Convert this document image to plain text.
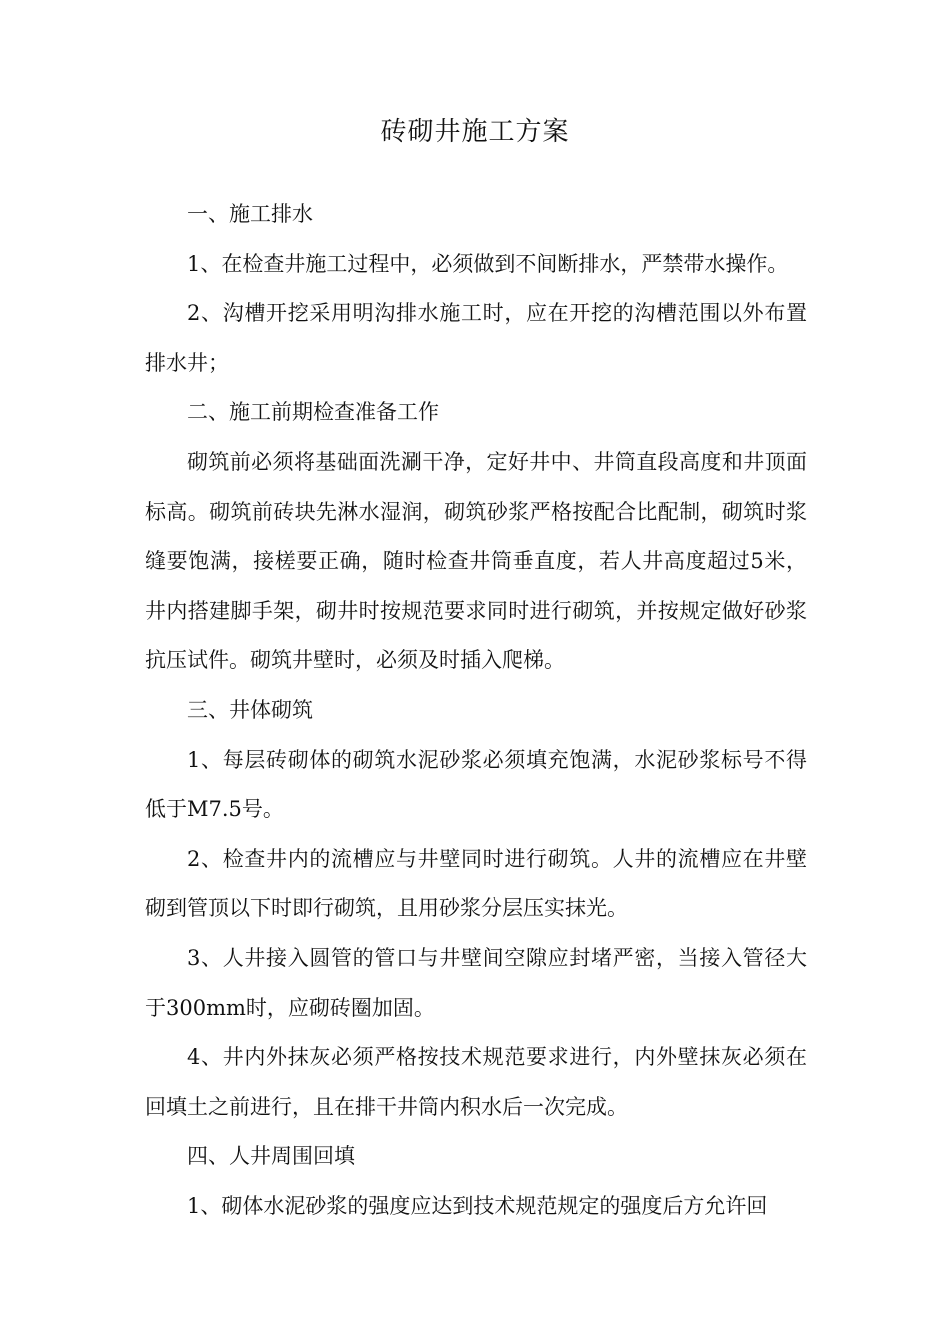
砖砌井施工方案

一、施工排水

1、在检查井施工过程中，必须做到不间断排水，严禁带水操作。

2、沟槽开挖采用明沟排水施工时，应在开挖的沟槽范围以外布置排水井；

二、施工前期检查准备工作

砌筑前必须将基础面洗涮干净，定好井中、井筒直段高度和井顶面标高。砌筑前砖块先淋水湿润，砌筑砂浆严格按配合比配制，砌筑时浆缝要饱满，接槎要正确，随时检查井筒垂直度，若人井高度超过5米，井内搭建脚手架，砌井时按规范要求同时进行砌筑，并按规定做好砂浆抗压试件。砌筑井壁时，必须及时插入爬梯。

三、井体砌筑

1、每层砖砌体的砌筑水泥砂浆必须填充饱满，水泥砂浆标号不得低于M7.5号。

2、检查井内的流槽应与井壁同时进行砌筑。人井的流槽应在井壁砌到管顶以下时即行砌筑，且用砂浆分层压实抹光。

3、人井接入圆管的管口与井壁间空隙应封堵严密，当接入管径大于300mm时，应砌砖圈加固。

4、井内外抹灰必须严格按技术规范要求进行，内外壁抹灰必须在回填土之前进行，且在排干井筒内积水后一次完成。

四、人井周围回填

1、砌体水泥砂浆的强度应达到技术规范规定的强度后方允许回
